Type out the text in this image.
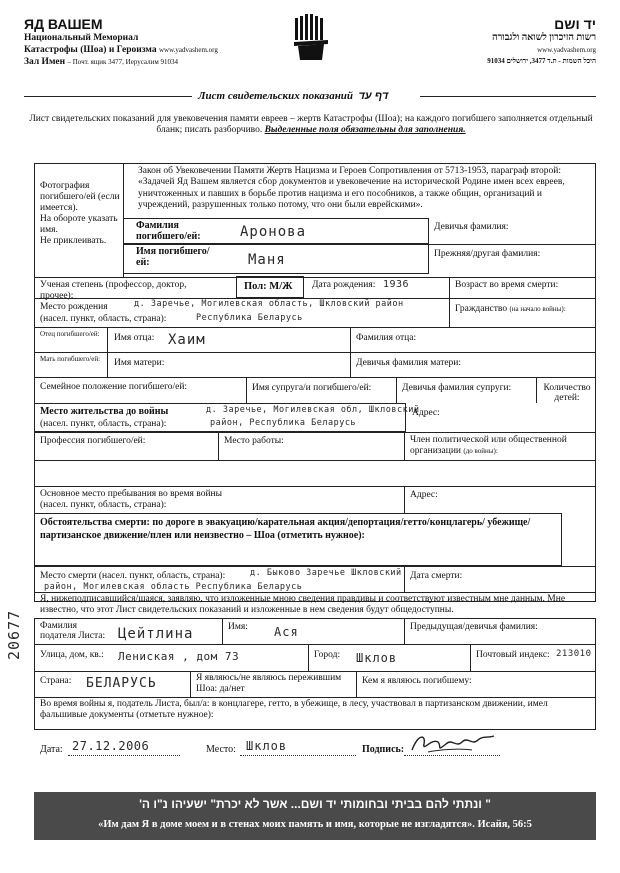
ЯД ВАШЕМ
Национальный Мемориал
Катастрофы (Шоа) и Героизма www.yadvashem.org
Зал Имен – Почт. ящик 3477, Иерусалим 91034
יד ושם
רשות הזיכרון לשואה ולגבורה
www.yadvashem.org
היכל השמות - ת.ד 3477, ירושלים 91034
Лист свидетельских показаний דף עד
Лист свидетельских показаний для увековечения памяти евреев – жертв Катастрофы (Шоа); на каждого погибшего заполняется отдельный бланк; писать разборчиво. Выделенные поля обязательны для заполнения.
Фотография погибшего/ей (если имеется).
На обороте указать имя.
Не приклеивать.
Закон об Увековечении Памяти Жертв Нацизма и Героев Сопротивления от 5713-1953, параграф второй: «Задачей Яд Вашем является сбор документов и увековечение на исторической Родине имен всех евреев, уничтоженных и павших в борьбе против нацизма и его пособников, а также общин, организаций и учреждений, разрушенных только потому, что они были еврейскими».
Фамилия погибшего/ей:	Аронова	Девичья фамилия:
Имя погибшего/ей:	Маня	Прежняя/другая фамилия:
Ученая степень (профессор, доктор, прочее):
Пол: М/Ж Дата рождения: 1936	Возраст во время смерти:
Место рождения
(насел. пункт, область, страна):
д. Заречье, Могилевская область, Шкловский район
Республика Беларусь
Гражданство (на начало войны):
Отец погибшего/ей:	Имя отца: Хаим	Фамилия отца:
Мать погибшего/ей:	Имя матери:	Девичья фамилия матери:
Семейное положение погибшего/ей:	Имя супруга/и погибшего/ей:	Девичья фамилия супруги:	Количество детей:
Место жительства до войны
(насел. пункт, область, страна):
д. Заречье, Могилевская обл, Шкловский
район, Республика Беларусь
Адрес:
Профессия погибшего/ей:	Место работы:	Член политической или общественной организации (до войны):
Основное место пребывания во время войны (насел. пункт, область, страна):
Адрес:
Обстоятельства смерти: по дороге в эвакуацию/карательная акция/депортация/гетто/концлагерь/ убежище/партизанское движение/плен или неизвестно – Шоа (отметить нужное):
Место смерти (насел. пункт, область, страна):	д. Быково Заречье Шкловский
район, Могилевская область Республика Беларусь
Дата смерти:
Я, нижеподписавшийся/шаяся, заявляю, что изложенные мною сведения правдивы и соответствуют известным мне данным. Мне известно, что этот Лист свидетельских показаний и изложенные в нем сведения будут общедоступны.
Фамилия подателя Листа: Цейтлина	Имя: Ася	Предыдущая/девичья фамилия:
Улица, дом, кв.: Лениская , дом 73	Город: Шклов	Почтовый индекс: 213010
Страна: БЕЛАРУСЬ	Я являюсь/не являюсь пережившим Шоа: да/нет
Кем я являюсь погибшему:
Во время войны я, податель Листа, был/а: в концлагере, гетто, в убежище, в лесу, участвовал в партизанском движении, имел фальшивые документы (отметьте нужное):
20677
Дата: 27.12.2006	Место: Шклов	Подпись:
" ונתתי להם בביתי ובחומותי יד ושם... אשר לא יכרת" ישעיהו נ"ו ה'
«Им дам Я в доме моем и в стенах моих память и имя, которые не изгладятся». Исайя, 56:5
